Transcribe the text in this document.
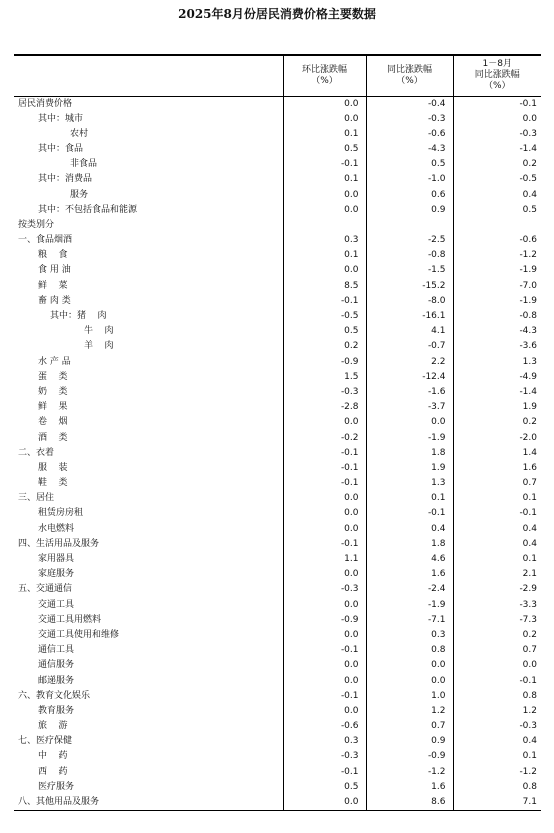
2025年8月份居民消费价格主要数据
	环比涨跌幅
（%）	同比涨跌幅
（%）	1－8月
同比涨跌幅
（%）
居民消费价格	0.0	-0.4	-0.1
其中：城市	0.0	-0.3	0.0
农村	0.1	-0.6	-0.3
其中：食品	0.5	-4.3	-1.4
非食品	-0.1	0.5	0.2
其中：消费品	0.1	-1.0	-0.5
服务	0.0	0.6	0.4
其中：不包括食品和能源	0.0	0.9	0.5
按类别分			
一、食品烟酒	0.3	-2.5	-0.6
粮    食	0.1	-0.8	-1.2
食 用 油	0.0	-1.5	-1.9
鲜    菜	8.5	-15.2	-7.0
畜 肉 类	-0.1	-8.0	-1.9
其中：猪    肉	-0.5	-16.1	-0.8
牛    肉	0.5	4.1	-4.3
羊    肉	0.2	-0.7	-3.6
水 产 品	-0.9	2.2	1.3
蛋    类	1.5	-12.4	-4.9
奶    类	-0.3	-1.6	-1.4
鲜    果	-2.8	-3.7	1.9
卷    烟	0.0	0.0	0.2
酒    类	-0.2	-1.9	-2.0
二、衣着	-0.1	1.8	1.4
服    装	-0.1	1.9	1.6
鞋    类	-0.1	1.3	0.7
三、居住	0.0	0.1	0.1
租赁房房租	0.0	-0.1	-0.1
水电燃料	0.0	0.4	0.4
四、生活用品及服务	-0.1	1.8	0.4
家用器具	1.1	4.6	0.1
家庭服务	0.0	1.6	2.1
五、交通通信	-0.3	-2.4	-2.9
交通工具	0.0	-1.9	-3.3
交通工具用燃料	-0.9	-7.1	-7.3
交通工具使用和维修	0.0	0.3	0.2
通信工具	-0.1	0.8	0.7
通信服务	0.0	0.0	0.0
邮递服务	0.0	0.0	-0.1
六、教育文化娱乐	-0.1	1.0	0.8
教育服务	0.0	1.2	1.2
旅    游	-0.6	0.7	-0.3
七、医疗保健	0.3	0.9	0.4
中    药	-0.3	-0.9	0.1
西    药	-0.1	-1.2	-1.2
医疗服务	0.5	1.6	0.8
八、其他用品及服务	0.0	8.6	7.1
